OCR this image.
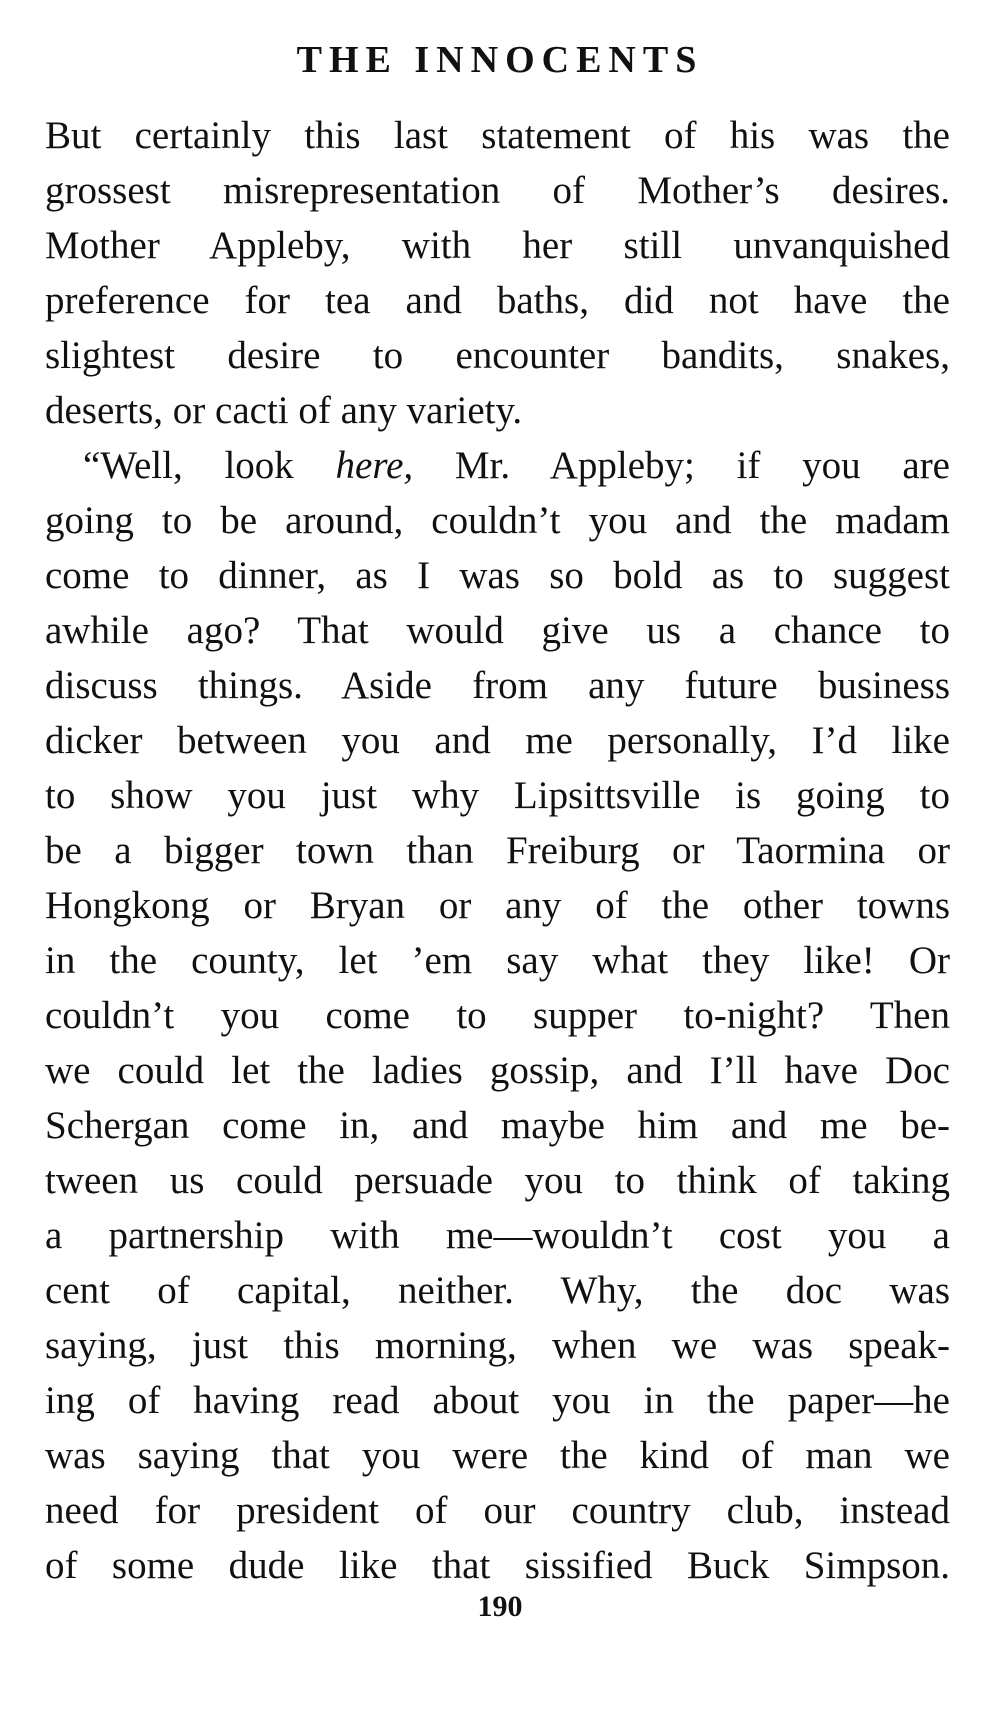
THE INNOCENTS
But certainly this last statement of his was the
grossest misrepresentation of Mother’s desires.
Mother Appleby, with her still unvanquished
preference for tea and baths, did not have the
slightest desire to encounter bandits, snakes,
deserts, or cacti of any variety.
“Well, look here, Mr. Appleby; if you are
going to be around, couldn’t you and the madam
come to dinner, as I was so bold as to suggest
awhile ago? That would give us a chance to
discuss things. Aside from any future business
dicker between you and me personally, I’d like
to show you just why Lipsittsville is going to
be a bigger town than Freiburg or Taormina or
Hongkong or Bryan or any of the other towns
in the county, let ’em say what they like! Or
couldn’t you come to supper to-night? Then
we could let the ladies gossip, and I’ll have Doc
Schergan come in, and maybe him and me be-
tween us could persuade you to think of taking
a partnership with me—wouldn’t cost you a
cent of capital, neither. Why, the doc was
saying, just this morning, when we was speak-
ing of having read about you in the paper—he
was saying that you were the kind of man we
need for president of our country club, instead
of some dude like that sissified Buck Simpson.
190
